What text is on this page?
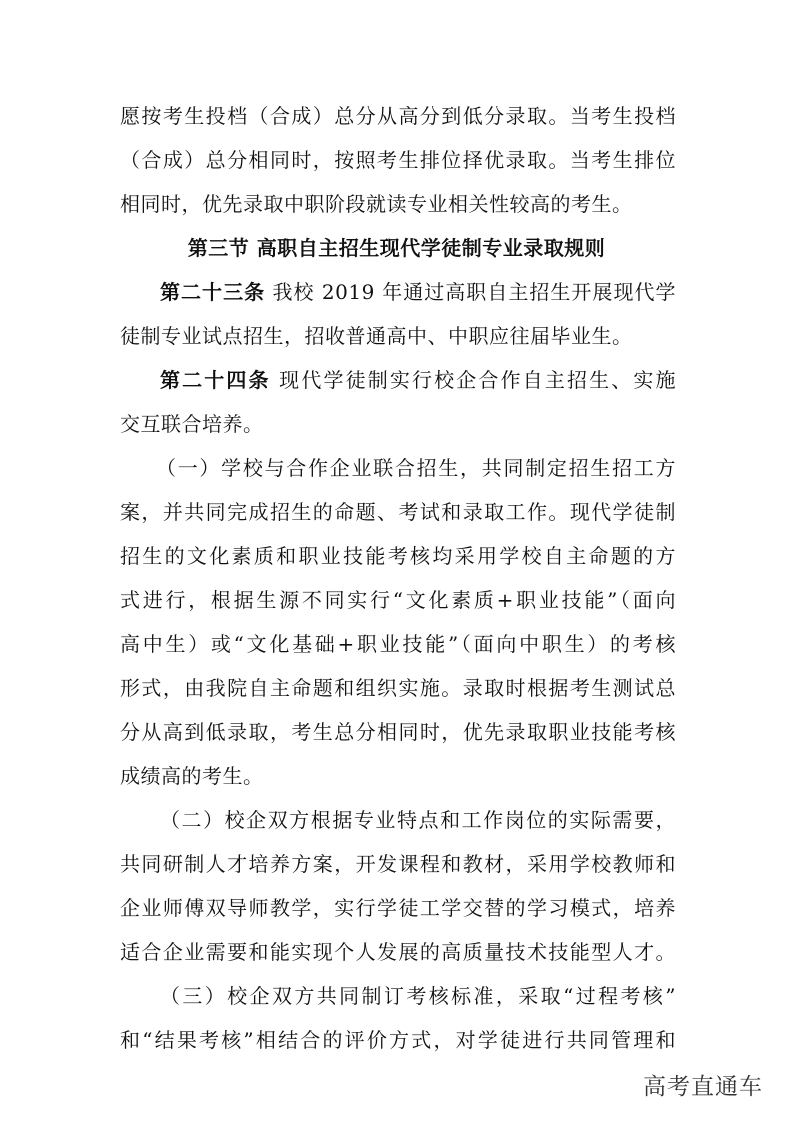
愿按考生投档（合成）总分从高分到低分录取。当考生投档
（合成）总分相同时，按照考生排位择优录取。当考生排位
相同时，优先录取中职阶段就读专业相关性较高的考生。
第三节 高职自主招生现代学徒制专业录取规则
第二十三条 我校 2019 年通过高职自主招生开展现代学
徒制专业试点招生，招收普通高中、中职应往届毕业生。
第二十四条 现代学徒制实行校企合作自主招生、实施
交互联合培养。
（一）学校与合作企业联合招生，共同制定招生招工方
案，并共同完成招生的命题、考试和录取工作。现代学徒制
招生的文化素质和职业技能考核均采用学校自主命题的方
式进行，根据生源不同实行“文化素质+职业技能”（面向
高中生）或“文化基础+职业技能”（面向中职生）的考核
形式，由我院自主命题和组织实施。录取时根据考生测试总
分从高到低录取，考生总分相同时，优先录取职业技能考核
成绩高的考生。
（二）校企双方根据专业特点和工作岗位的实际需要，
共同研制人才培养方案，开发课程和教材，采用学校教师和
企业师傅双导师教学，实行学徒工学交替的学习模式，培养
适合企业需要和能实现个人发展的高质量技术技能型人才。
（三）校企双方共同制订考核标准，采取“过程考核”
和“结果考核”相结合的评价方式，对学徒进行共同管理和
高考直通车
